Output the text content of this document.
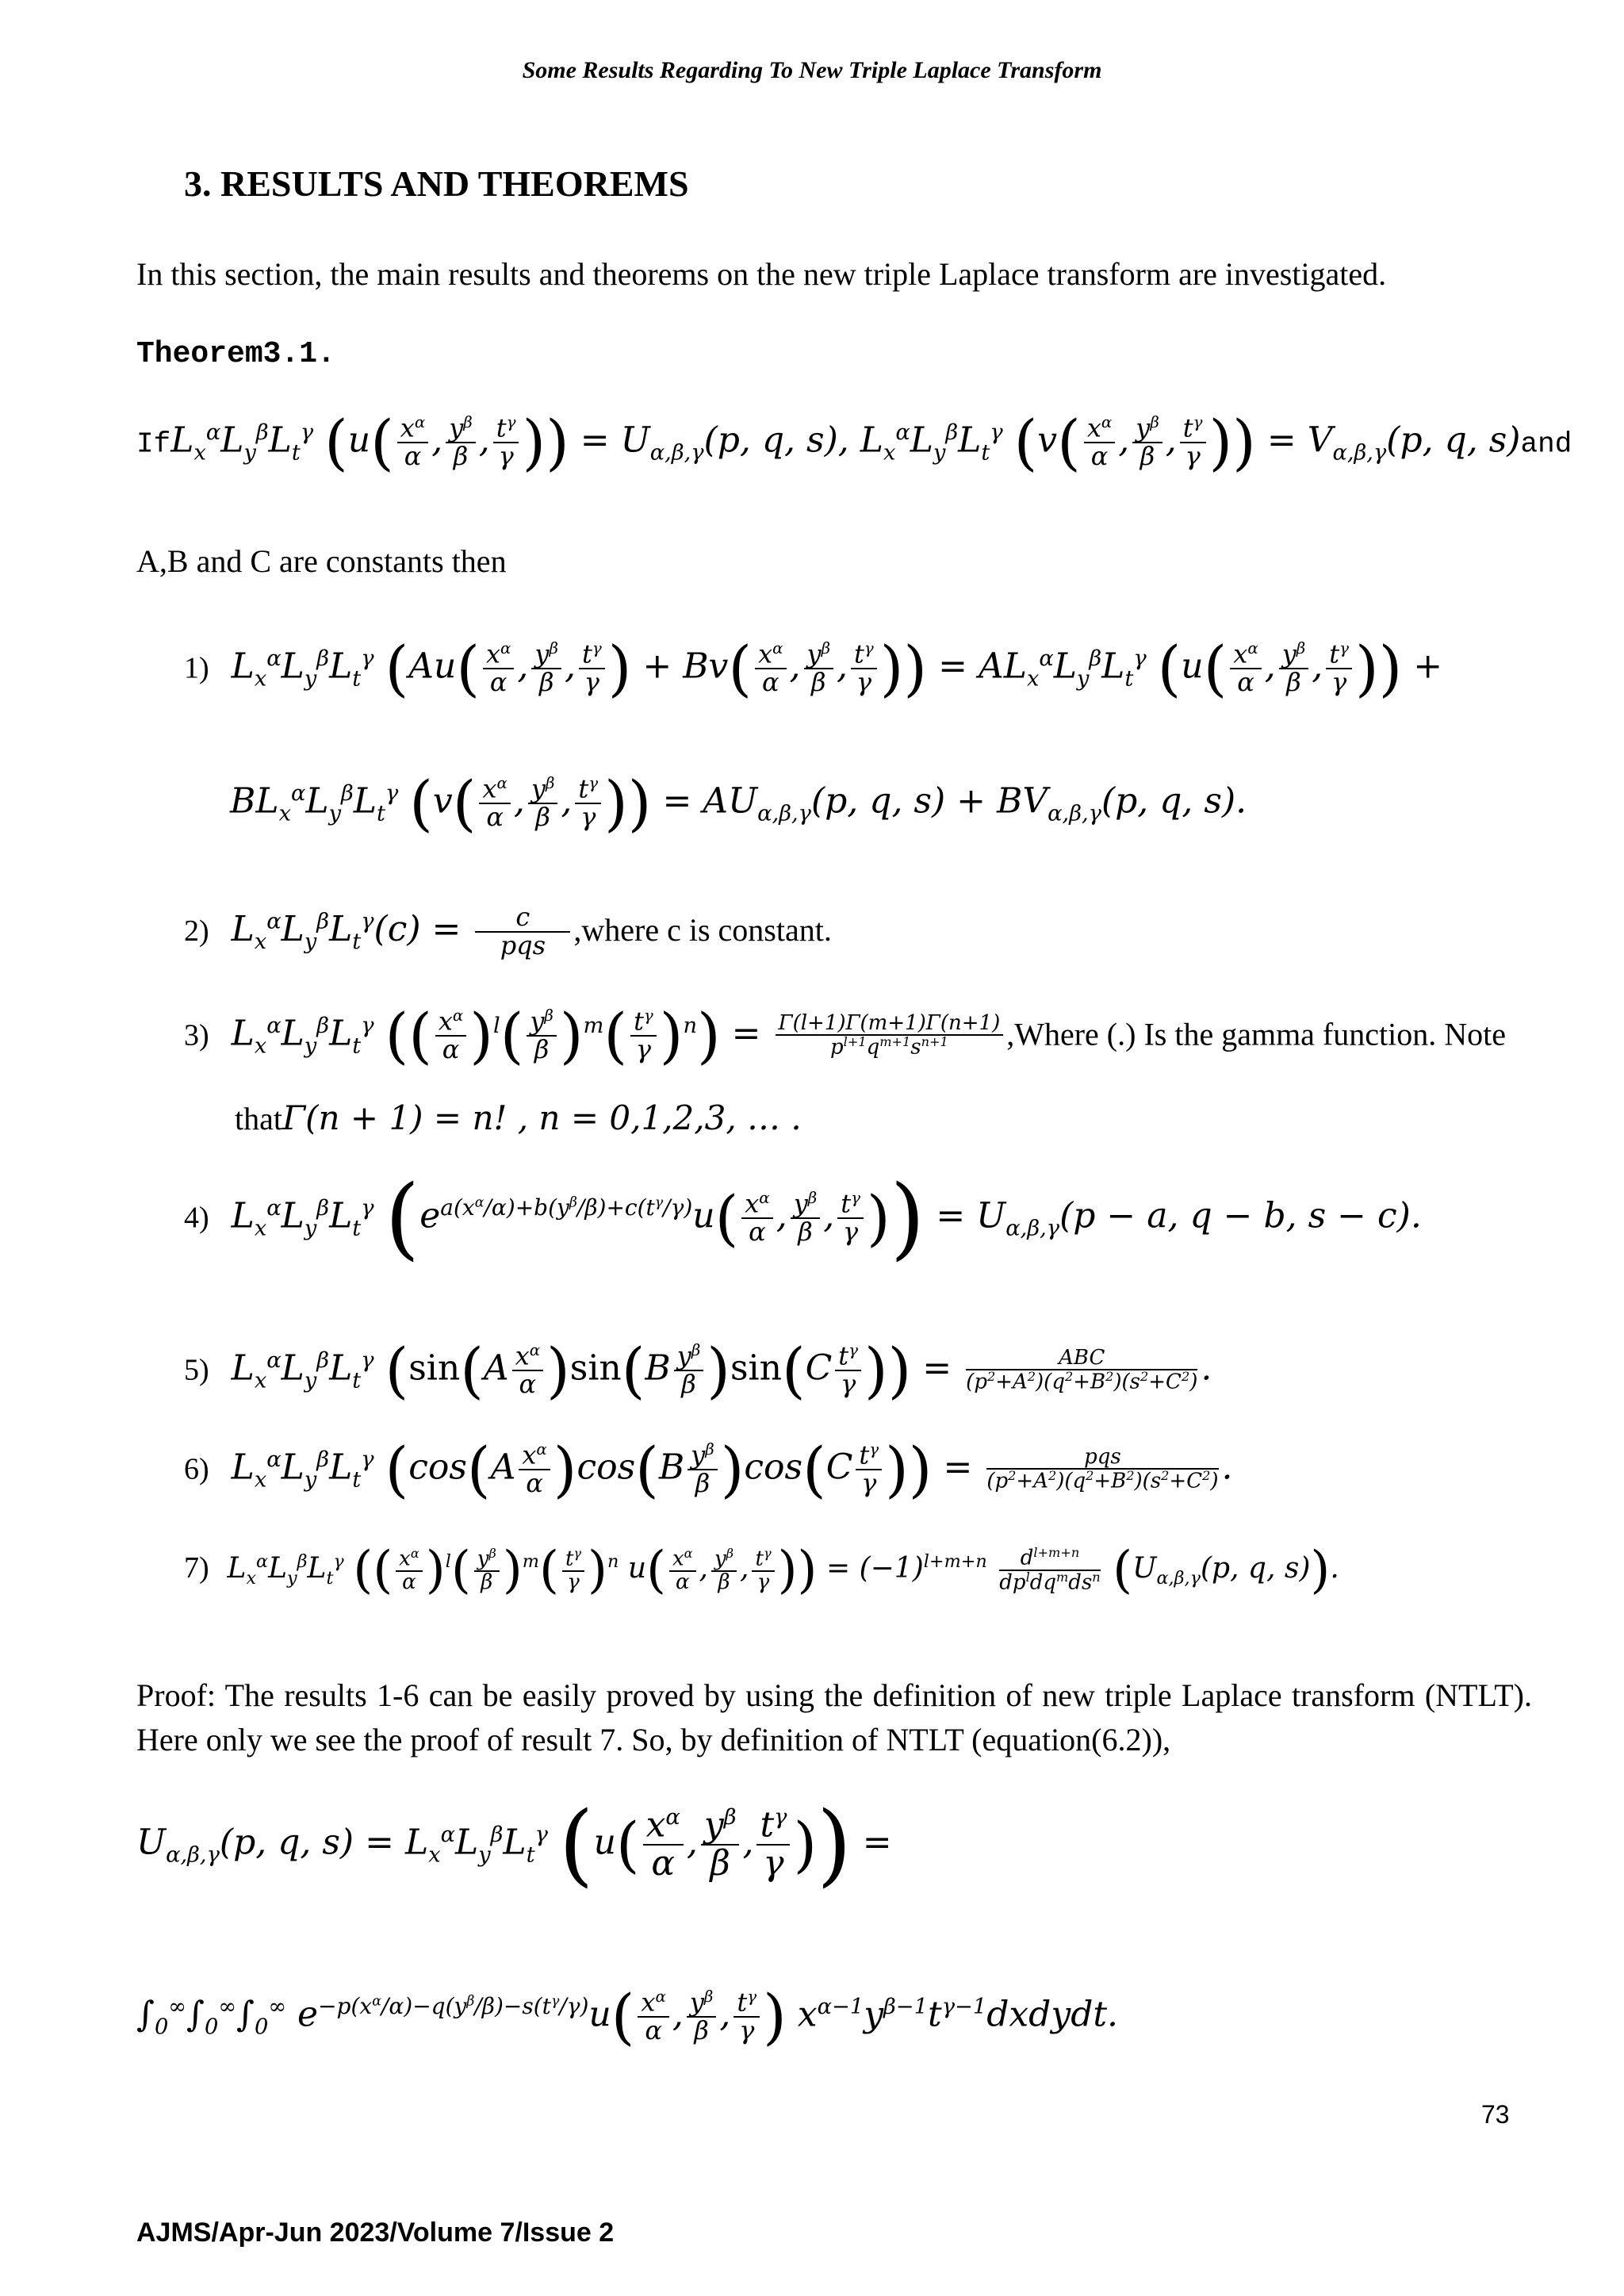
Some Results Regarding To New Triple Laplace Transform
3. RESULTS AND THEOREMS
In this section, the main results and theorems on the new triple Laplace transform are investigated.
Theorem3.1.
$IfL_x^\alpha L_y^\beta L_t^\gamma$ ($u( \frac{x^\alpha}{\alpha}$ , $\frac{y^\beta}{\beta}$ , $\frac{t^\gamma}{\gamma}$ )) = $U_{\alpha,\beta,\gamma}(p$, q, s), $L_x^\alpha L_y^\beta L_t^\gamma$ ($v( \frac{x^\alpha}{\alpha}$ , $\frac{y^\beta}{\beta}$ , $\frac{t^\gamma}{\gamma}$ )) = $V_{\alpha,\beta,\gamma}(p$, q, s)and
A,B and C are constants then
1)  $L_x^\alpha L_y^\beta L_t^\gamma$ ($Au( \frac{x^\alpha}{\alpha}$ , $\frac{y^\beta}{\beta}$ , $\frac{t^\gamma}{\gamma}$ ) + $Bv( \frac{x^\alpha}{\alpha}$ , $\frac{y^\beta}{\beta}$ , $\frac{t^\gamma}{\gamma}$ )) = $AL_x^\alpha L_y^\beta L_t^\gamma$ ($u( \frac{x^\alpha}{\alpha}$ , $\frac{y^\beta}{\beta}$ , $\frac{t^\gamma}{\gamma}$ )) +
$BL_x^\alpha L_y^\beta L_t^\gamma$ ($v( \frac{x^\alpha}{\alpha}$ , $\frac{y^\beta}{\beta}$ , $\frac{t^\gamma}{\gamma}$ )) = $AU_{\alpha,\beta,\gamma}(p$, q, $s) + BV_{\alpha,\beta,\gamma}(p$, q, s).
2)  $L_x^\alpha L_y^\beta L_t^\gamma(c) = \frac{c}{\text{pqs}}$ ,where c is constant.
3)  $L_x^\alpha L_y^\beta L_t^\gamma$ (( $\frac{x^\alpha}{\alpha} )^l( \frac{y^\beta}{\beta} )^m( \frac{t^\gamma}{\gamma} )^n) = \frac{\Gamma(l+1)\Gamma(m+1)\Gamma(n+1)}{p^{l+1}q^{m+1}s^{n+1}}$ ,Where (.) Is the gamma function. Note
thatΓ(n + 1) = n! , n = 0,1,2,3, … .
4)  $L_x^\alpha L_y^\beta L_t^\gamma$ ($e^{a(x^\alpha/\alpha)+b(y^\beta/\beta)+c(t^\gamma/\gamma)}u( \frac{x^\alpha}{\alpha}$ , $\frac{y^\beta}{\beta}$ , $\frac{t^\gamma}{\gamma}$ )) = $U_{\alpha,\beta,\gamma}(p - a$, q − b, s − c).
5)  $L_x^\alpha L_y^\beta L_t^\gamma$ ($\sin(A \frac{x^\alpha}{\alpha} )\sin(B \frac{y^\beta}{\beta} )\sin(C \frac{t^\gamma}{\gamma}$ )) = $\frac{\text{ABC}}{(p^2+A^2)(q^2+B^2)(s^2+C^2)}$ .
6)  $L_x^\alpha L_y^\beta L_t^\gamma$ ($\cos(A \frac{x^\alpha}{\alpha} )\cos(B \frac{y^\beta}{\beta} )\cos(C \frac{t^\gamma}{\gamma}$ )) = $\frac{\text{pqs}}{(p^2+A^2)(q^2+B^2)(s^2+C^2)}$ .
7)  $L_x^\alpha L_y^\beta L_t^\gamma$ (( $\frac{x^\alpha}{\alpha} )^l( \frac{y^\beta}{\beta} )^m( \frac{t^\gamma}{\gamma} )^n$ $u( \frac{x^\alpha}{\alpha}$ , $\frac{y^\beta}{\beta}$ , $\frac{t^\gamma}{\gamma}$ )) = $(-1)^{l+m+n} \frac{d^{l+m+n}}{dp^ldq^mds^n} (U_{\alpha,\beta,\gamma}(p$, q, s)).
Proof: The results 1-6 can be easily proved by using the definition of new triple Laplace transform (NTLT). Here only we see the proof of result 7. So, by definition of NTLT (equation(6.2)),
$U_{\alpha,\beta,\gamma}(p$, q, $s) = L_x^\alpha L_y^\beta L_t^\gamma$ ($u( \frac{x^\alpha}{\alpha}$ , $\frac{y^\beta}{\beta}$ , $\frac{t^\gamma}{\gamma}$ )) =
$\int_0^\infty\int_0^\infty\int_0^\infty$ $e^{-p(x^\alpha/\alpha)-q(y^\beta/\beta)-s(t^\gamma/\gamma)}u( \frac{x^\alpha}{\alpha}$ , $\frac{y^\beta}{\beta}$ , $\frac{t^\gamma}{\gamma}$ ) $x^{\alpha-1}y^{\beta-1}t^{\gamma-1}dxdydt$.
73
AJMS/Apr-Jun 2023/Volume 7/Issue 2
